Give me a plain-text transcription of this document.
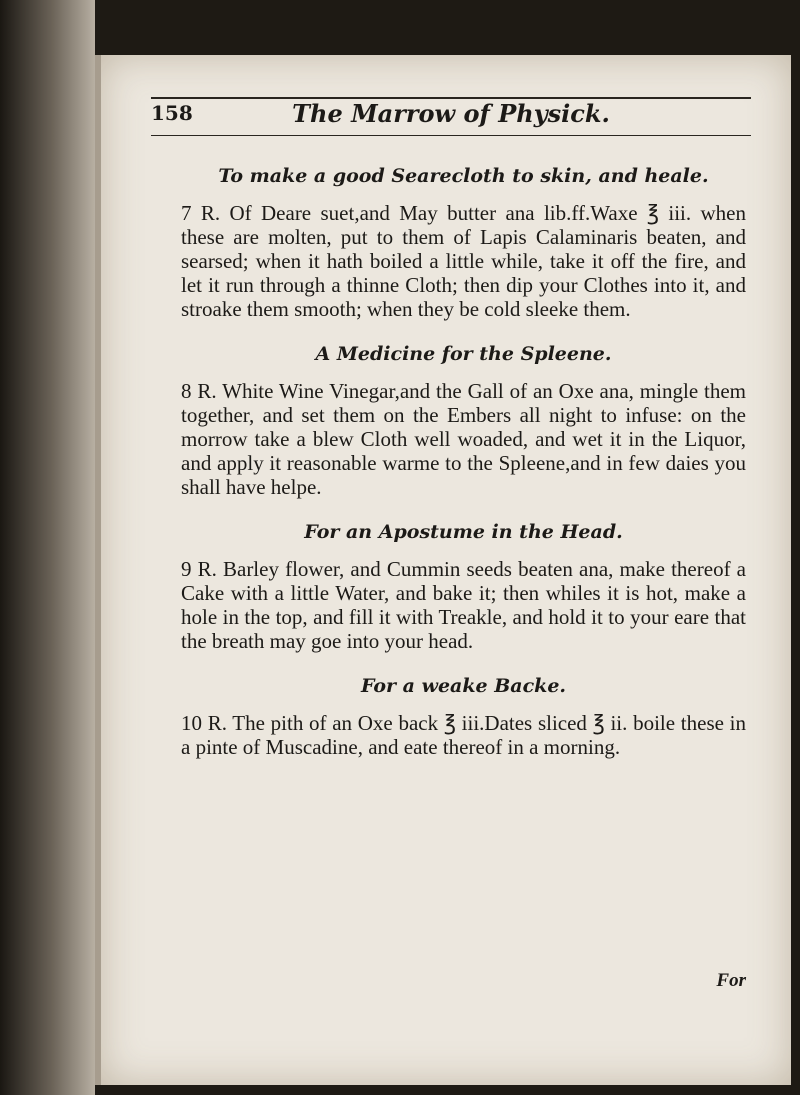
158	The Marrow of Physick.
To make a good Searecloth to skin, and heale.

7 R. Of Deare suet,and May butter ana lib.ff.Waxe ℥ iii. when these are molten, put to them of Lapis Calaminaris beaten, and searsed; when it hath boiled a little while, take it off the fire, and let it run through a thinne Cloth; then dip your Clothes into it, and stroake them smooth; when they be cold sleeke them.

A Medicine for the Spleene.

8 R. White Wine Vinegar,and the Gall of an Oxe ana, mingle them together, and set them on the Embers all night to infuse: on the morrow take a blew Cloth well woaded, and wet it in the Liquor, and apply it reasonable warme to the Spleene,and in few daies you shall have helpe.

For an Apostume in the Head.

9 R. Barley flower, and Cummin seeds beaten ana, make thereof a Cake with a little Water, and bake it; then whiles it is hot, make a hole in the top, and fill it with Treakle, and hold it to your eare that the breath may goe into your head.

For a weake Backe.

10 R. The pith of an Oxe back ℥ iii.Dates sliced ℥ ii. boile these in a pinte of Muscadine, and eate thereof in a morning.

For
